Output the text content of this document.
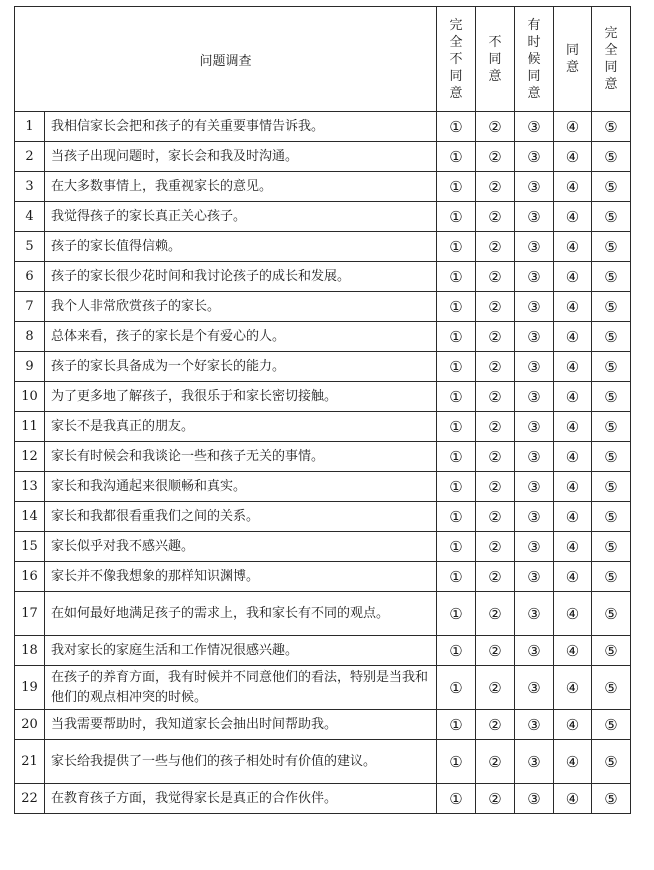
问题调查		完全不同意	不同意	有时候同意	同意	完全同意
1	我相信家长会把和孩子的有关重要事情告诉我。	①	②	③	④	⑤
2	当孩子出现问题时，家长会和我及时沟通。	①	②	③	④	⑤
3	在大多数事情上，我重视家长的意见。	①	②	③	④	⑤
4	我觉得孩子的家长真正关心孩子。	①	②	③	④	⑤
5	孩子的家长值得信赖。	①	②	③	④	⑤
6	孩子的家长很少花时间和我讨论孩子的成长和发展。	①	②	③	④	⑤
7	我个人非常欣赏孩子的家长。	①	②	③	④	⑤
8	总体来看，孩子的家长是个有爱心的人。	①	②	③	④	⑤
9	孩子的家长具备成为一个好家长的能力。	①	②	③	④	⑤
10	为了更多地了解孩子，我很乐于和家长密切接触。	①	②	③	④	⑤
11	家长不是我真正的朋友。	①	②	③	④	⑤
12	家长有时候会和我谈论一些和孩子无关的事情。	①	②	③	④	⑤
13	家长和我沟通起来很顺畅和真实。	①	②	③	④	⑤
14	家长和我都很看重我们之间的关系。	①	②	③	④	⑤
15	家长似乎对我不感兴趣。	①	②	③	④	⑤
16	家长并不像我想象的那样知识渊博。	①	②	③	④	⑤
17	在如何最好地满足孩子的需求上，我和家长有不同的观点。	①	②	③	④	⑤
18	我对家长的家庭生活和工作情况很感兴趣。	①	②	③	④	⑤
19	在孩子的养育方面，我有时候并不同意他们的看法，特别是当我和他们的观点相冲突的时候。	①	②	③	④	⑤
20	当我需要帮助时，我知道家长会抽出时间帮助我。	①	②	③	④	⑤
21	家长给我提供了一些与他们的孩子相处时有价值的建议。	①	②	③	④	⑤
22	在教育孩子方面，我觉得家长是真正的合作伙伴。	①	②	③	④	⑤
